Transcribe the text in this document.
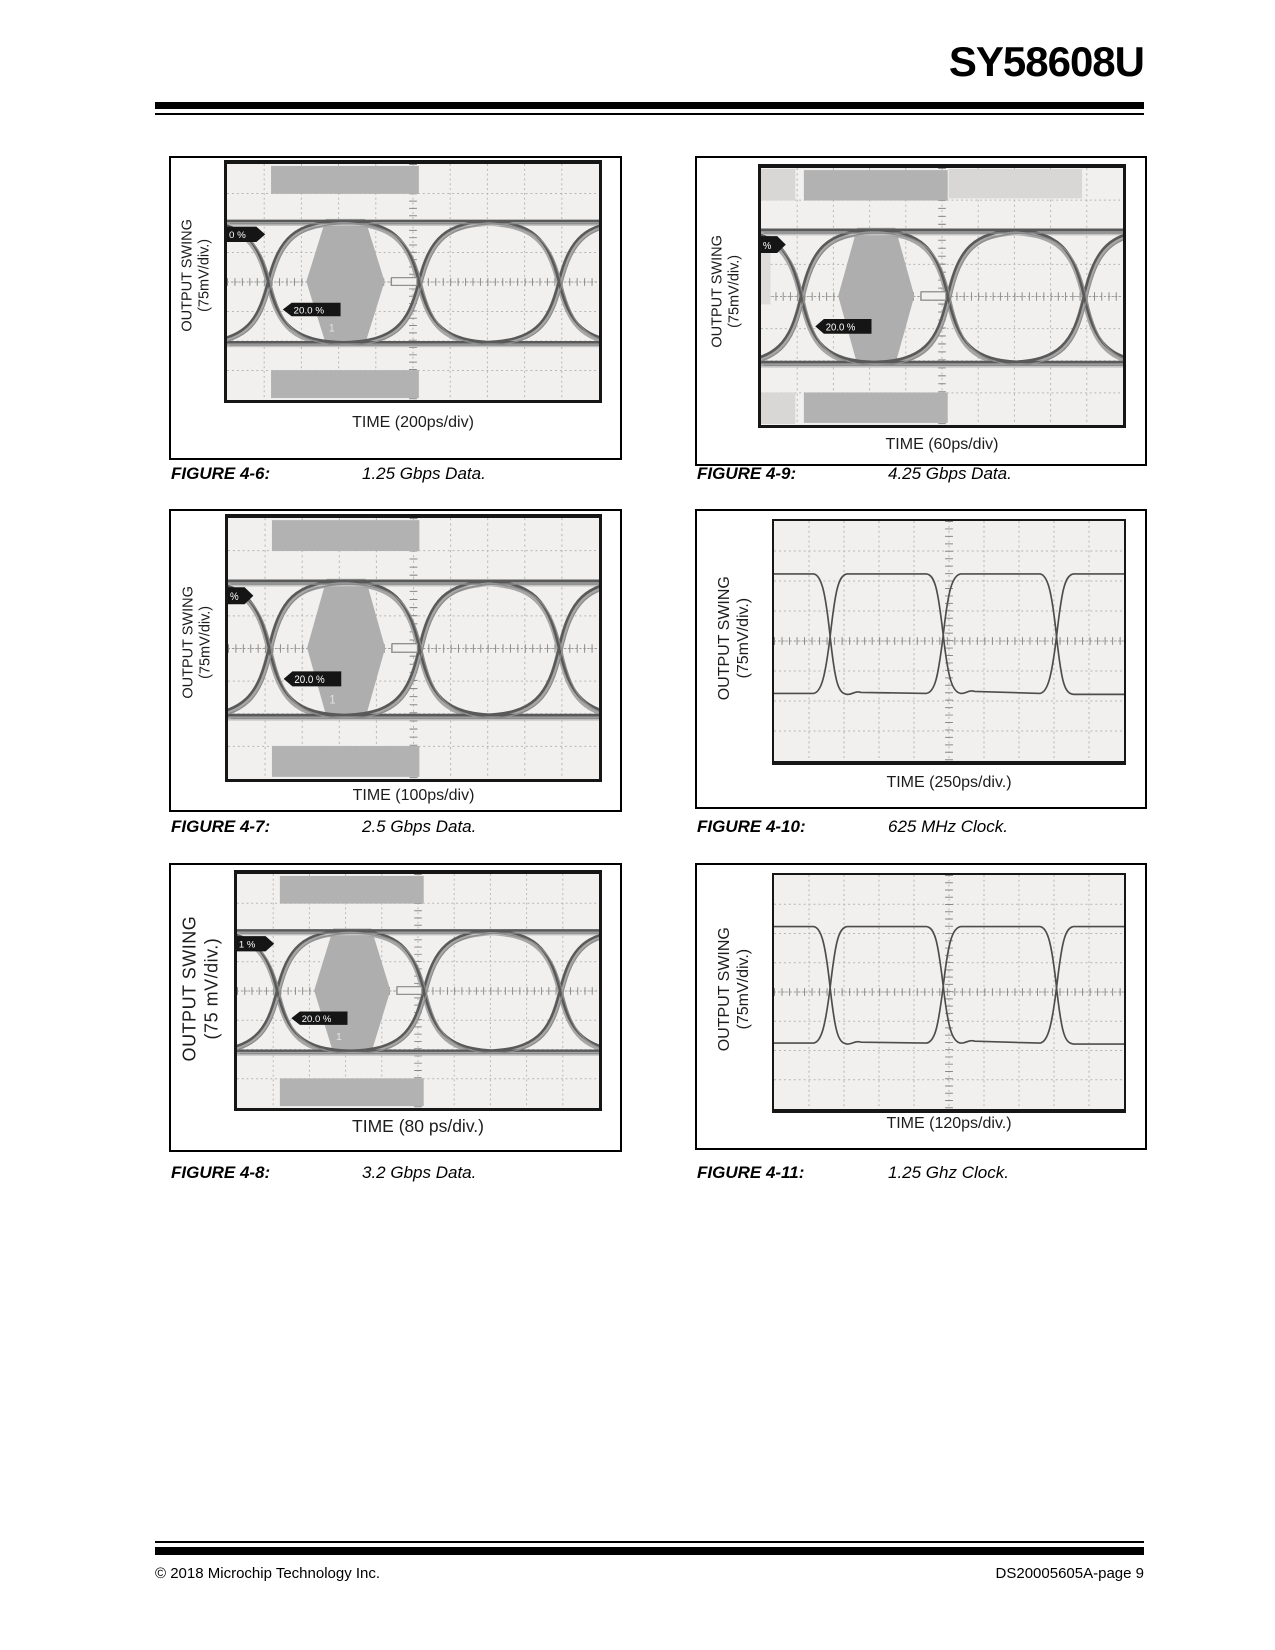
SY58608U
OUTPUT SWING (75mV/div.)
1
0 %
20.0 %
TIME (200ps/div)
OUTPUT SWING (75mV/div.)
%
20.0 %
TIME (60ps/div)
OUTPUT SWING (75mV/div.)
1
%
20.0 %
TIME (100ps/div)
OUTPUT SWING (75mV/div.)
TIME (250ps/div.)
OUTPUT SWING (75 mV/div.)	1
1 %
20.0 %
TIME (80 ps/div.)
OUTPUT SWING (75mV/div.)
TIME (120ps/div.)
FIGURE 4-6:	1.25 Gbps Data.	FIGURE 4-9:	4.25 Gbps Data.
FIGURE 4-7:	2.5 Gbps Data.	FIGURE 4-10:	625 MHz Clock.
FIGURE 4-8:	3.2 Gbps Data.	FIGURE 4-11:	1.25 Ghz Clock.
© 2018 Microchip Technology Inc.	DS20005605A-page 9
